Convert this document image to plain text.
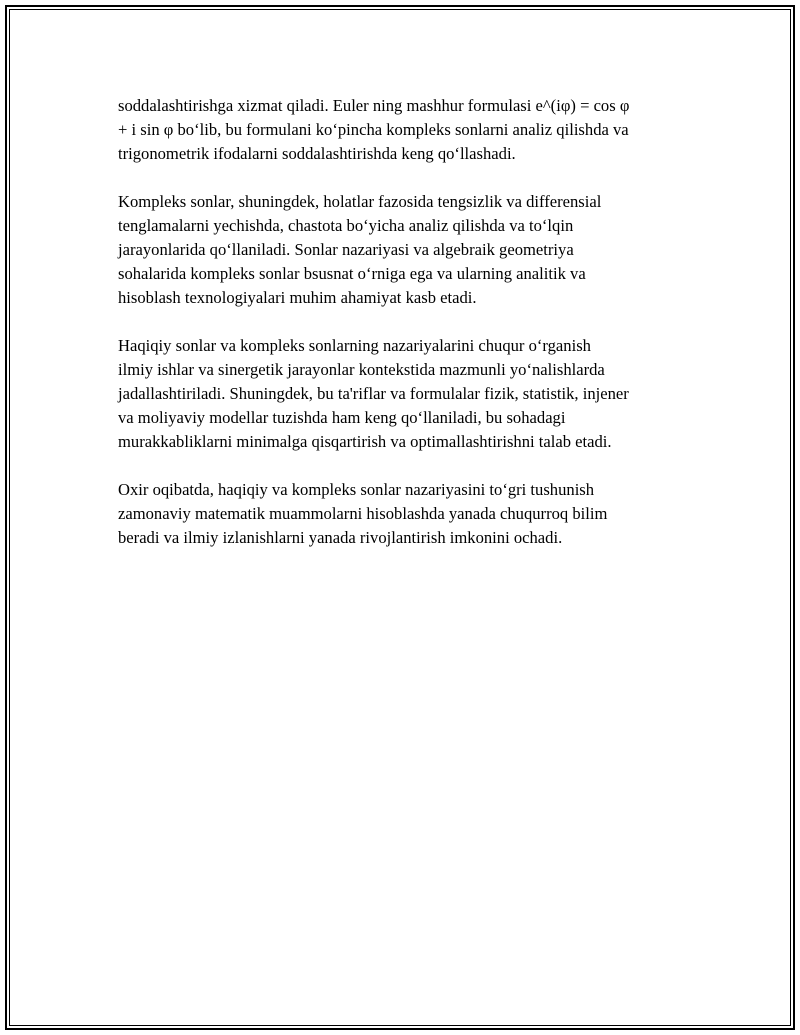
soddalashtirishga xizmat qiladi. Euler ning mashhur formulasi e^(iφ) = cos φ
+ i sin φ bo‘lib, bu formulani ko‘pincha kompleks sonlarni analiz qilishda va
trigonometrik ifodalarni soddalashtirishda keng qo‘llashadi.

Kompleks sonlar, shuningdek, holatlar fazosida tengsizlik va differensial
tenglamalarni yechishda, chastota bo‘yicha analiz qilishda va to‘lqin
jarayonlarida qo‘llaniladi. Sonlar nazariyasi va algebraik geometriya
sohalarida kompleks sonlar bsusnat o‘rniga ega va ularning analitik va
hisoblash texnologiyalari muhim ahamiyat kasb etadi.

Haqiqiy sonlar va kompleks sonlarning nazariyalarini chuqur o‘rganish
ilmiy ishlar va sinergetik jarayonlar kontekstida mazmunli yo‘nalishlarda
jadallashtiriladi. Shuningdek, bu ta'riflar va formulalar fizik, statistik, injener
va moliyaviy modellar tuzishda ham keng qo‘llaniladi, bu sohadagi
murakkabliklarni minimalga qisqartirish va optimallashtirishni talab etadi.

Oxir oqibatda, haqiqiy va kompleks sonlar nazariyasini to‘gri tushunish
zamonaviy matematik muammolarni hisoblashda yanada chuqurroq bilim
beradi va ilmiy izlanishlarni yanada rivojlantirish imkonini ochadi.
